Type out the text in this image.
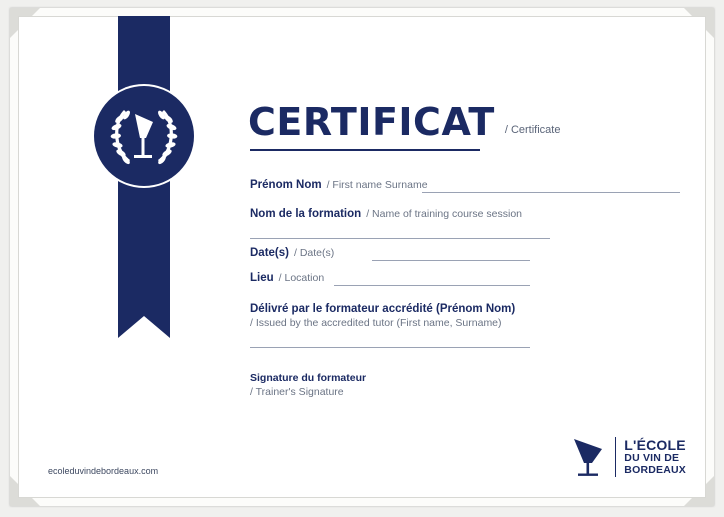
CERTIFICAT / Certificate
Prénom Nom / First name Surname
Nom de la formation / Name of training course session
Date(s) / Date(s)
Lieu / Location
Délivré par le formateur accrédité (Prénom Nom)
/ Issued by the accredited tutor (First name, Surname)
Signature du formateur
/ Trainer's Signature
ecoleduvindebordeaux.com
L'ÉCOLE
DU VIN DE
BORDEAUX
